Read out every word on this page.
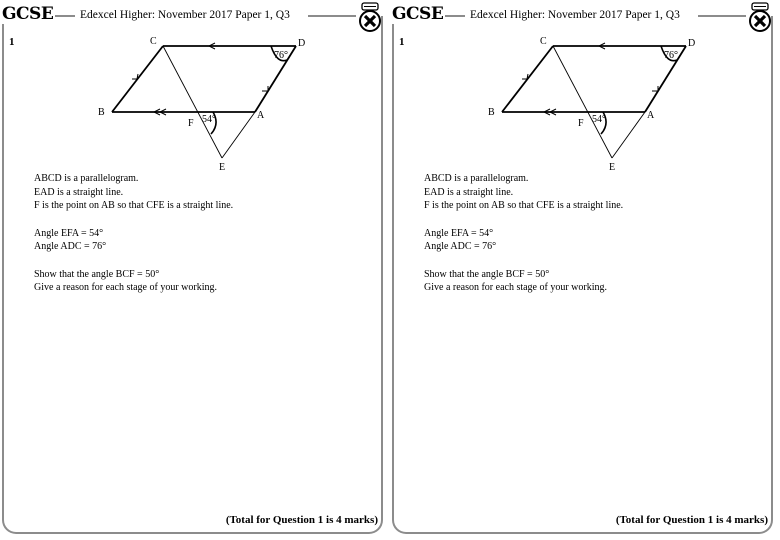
GCSE Edexcel Higher: November 2017 Paper 1, Q3
1	C	D
B
F
A
E
54°
76°

ABCD is a parallelogram.

EAD is a straight line.

F is the point on AB so that CFE is a straight line.

Angle EFA = 54°

Angle ADC = 76°

Show that the angle BCF = 50°

Give a reason for each stage of your working.

(Total for Question 1 is 4 marks)
GCSE Edexcel Higher: November 2017 Paper 1, Q3
1	C	D
B
F
A
E
54°
76°

ABCD is a parallelogram.

EAD is a straight line.

F is the point on AB so that CFE is a straight line.

Angle EFA = 54°

Angle ADC = 76°

Show that the angle BCF = 50°

Give a reason for each stage of your working.

(Total for Question 1 is 4 marks)
